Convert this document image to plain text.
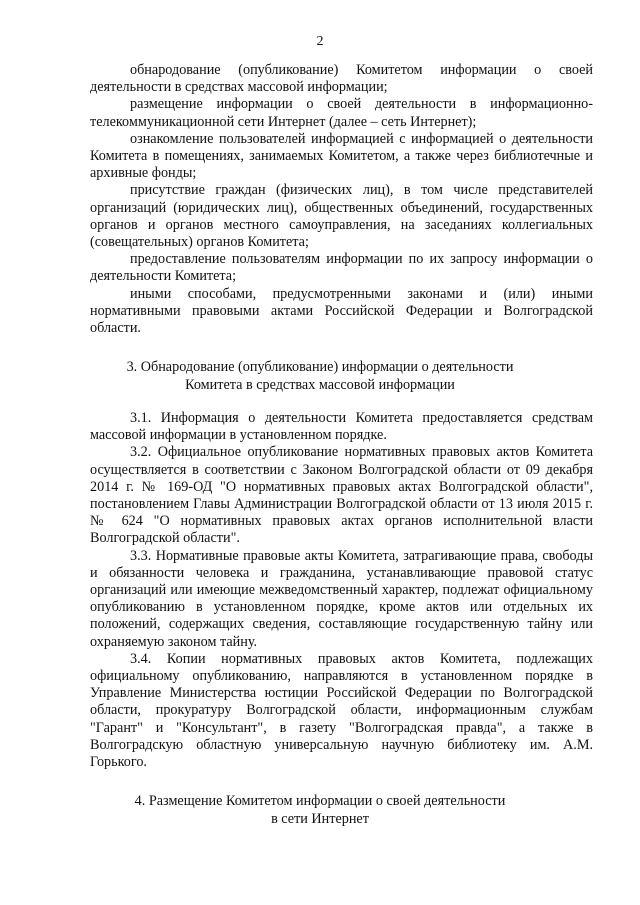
2

обнародование (опубликование) Комитетом информации о своей деятельности в средствах массовой информации;

размещение информации о своей деятельности в информационно-телекоммуникационной сети Интернет (далее – сеть Интернет);

ознакомление пользователей информацией с информацией о деятельности Комитета в помещениях, занимаемых Комитетом, а также через библиотечные и архивные фонды;

присутствие граждан (физических лиц), в том числе представителей организаций (юридических лиц), общественных объединений, государственных органов и органов местного самоуправления, на заседаниях коллегиальных (совещательных) органов Комитета;

предоставление пользователям информации по их запросу информации о деятельности Комитета;

иными способами, предусмотренными законами и (или) иными нормативными правовыми актами Российской Федерации и Волгоградской области.

3. Обнародование (опубликование) информации о деятельности
Комитета в средствах массовой информации

3.1. Информация о деятельности Комитета предоставляется средствам массовой информации в установленном порядке.

3.2. Официальное опубликование нормативных правовых актов Комитета осуществляется в соответствии с Законом Волгоградской области от 09 декабря 2014 г. № 169-ОД "О нормативных правовых актах Волгоградской области", постановлением Главы Администрации Волгоградской области от 13 июля 2015 г. № 624 "О нормативных правовых актах органов исполнительной власти Волгоградской области".

3.3. Нормативные правовые акты Комитета, затрагивающие права, свободы и обязанности человека и гражданина, устанавливающие правовой статус организаций или имеющие межведомственный характер, подлежат официальному опубликованию в установленном порядке, кроме актов или отдельных их положений, содержащих сведения, составляющие государственную тайну или охраняемую законом тайну.

3.4. Копии нормативных правовых актов Комитета, подлежащих официальному опубликованию, направляются в установленном порядке в Управление Министерства юстиции Российской Федерации по Волгоградской области, прокуратуру Волгоградской области, информационным службам "Гарант" и "Консультант", в газету "Волгоградская правда", а также в Волгоградскую областную универсальную научную библиотеку им. А.М. Горького.

4. Размещение Комитетом информации о своей деятельности
в сети Интернет
